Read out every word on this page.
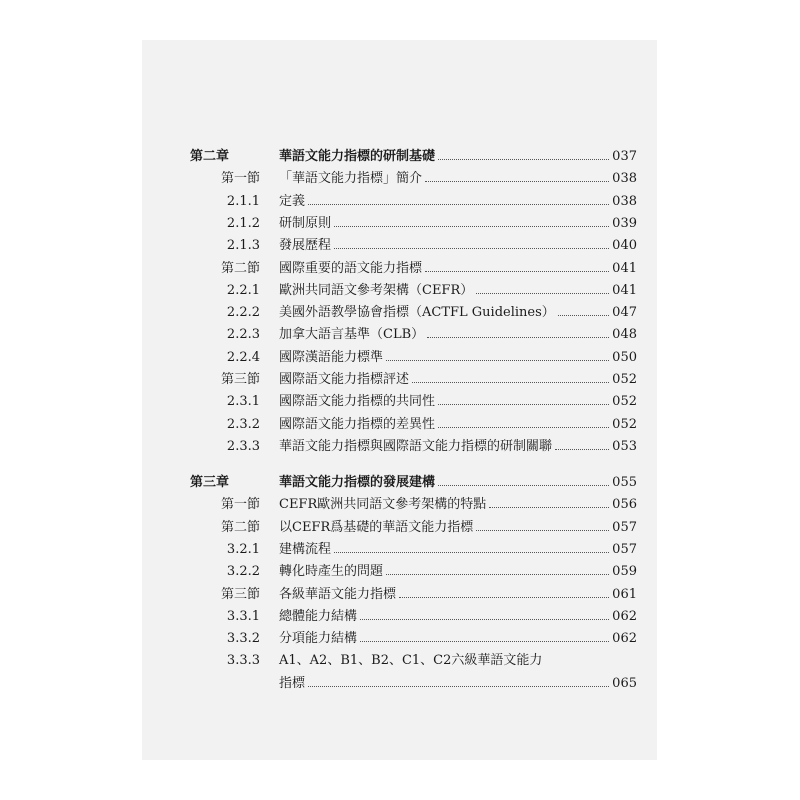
第二章	華語文能力指標的研制基礎	037
第一節 「華語文能力指標」簡介	038
2.1.1 定義	038
2.1.2 研制原則	039
2.1.3 發展歷程	040
第二節 國際重要的語文能力指標	041
2.2.1 歐洲共同語文參考架構（CEFR）	041
2.2.2 美國外語教學協會指標（ACTFL Guidelines）	047
2.2.3 加拿大語言基準（CLB）	048
2.2.4 國際漢語能力標準	050
第三節 國際語文能力指標評述	052
2.3.1 國際語文能力指標的共同性	052
2.3.2 國際語文能力指標的差異性	052
2.3.3 華語文能力指標與國際語文能力指標的研制關聯	053
第三章	華語文能力指標的發展建構	055
第一節 CEFR歐洲共同語文參考架構的特點	056
第二節 以CEFR爲基礎的華語文能力指標	057
3.2.1 建構流程	057
3.2.2 轉化時產生的問題	059
第三節 各級華語文能力指標	061
3.3.1 總體能力結構	062
3.3.2 分項能力結構	062
3.3.3 A1、A2、B1、B2、C1、C2六級華語文能力
指標	065
